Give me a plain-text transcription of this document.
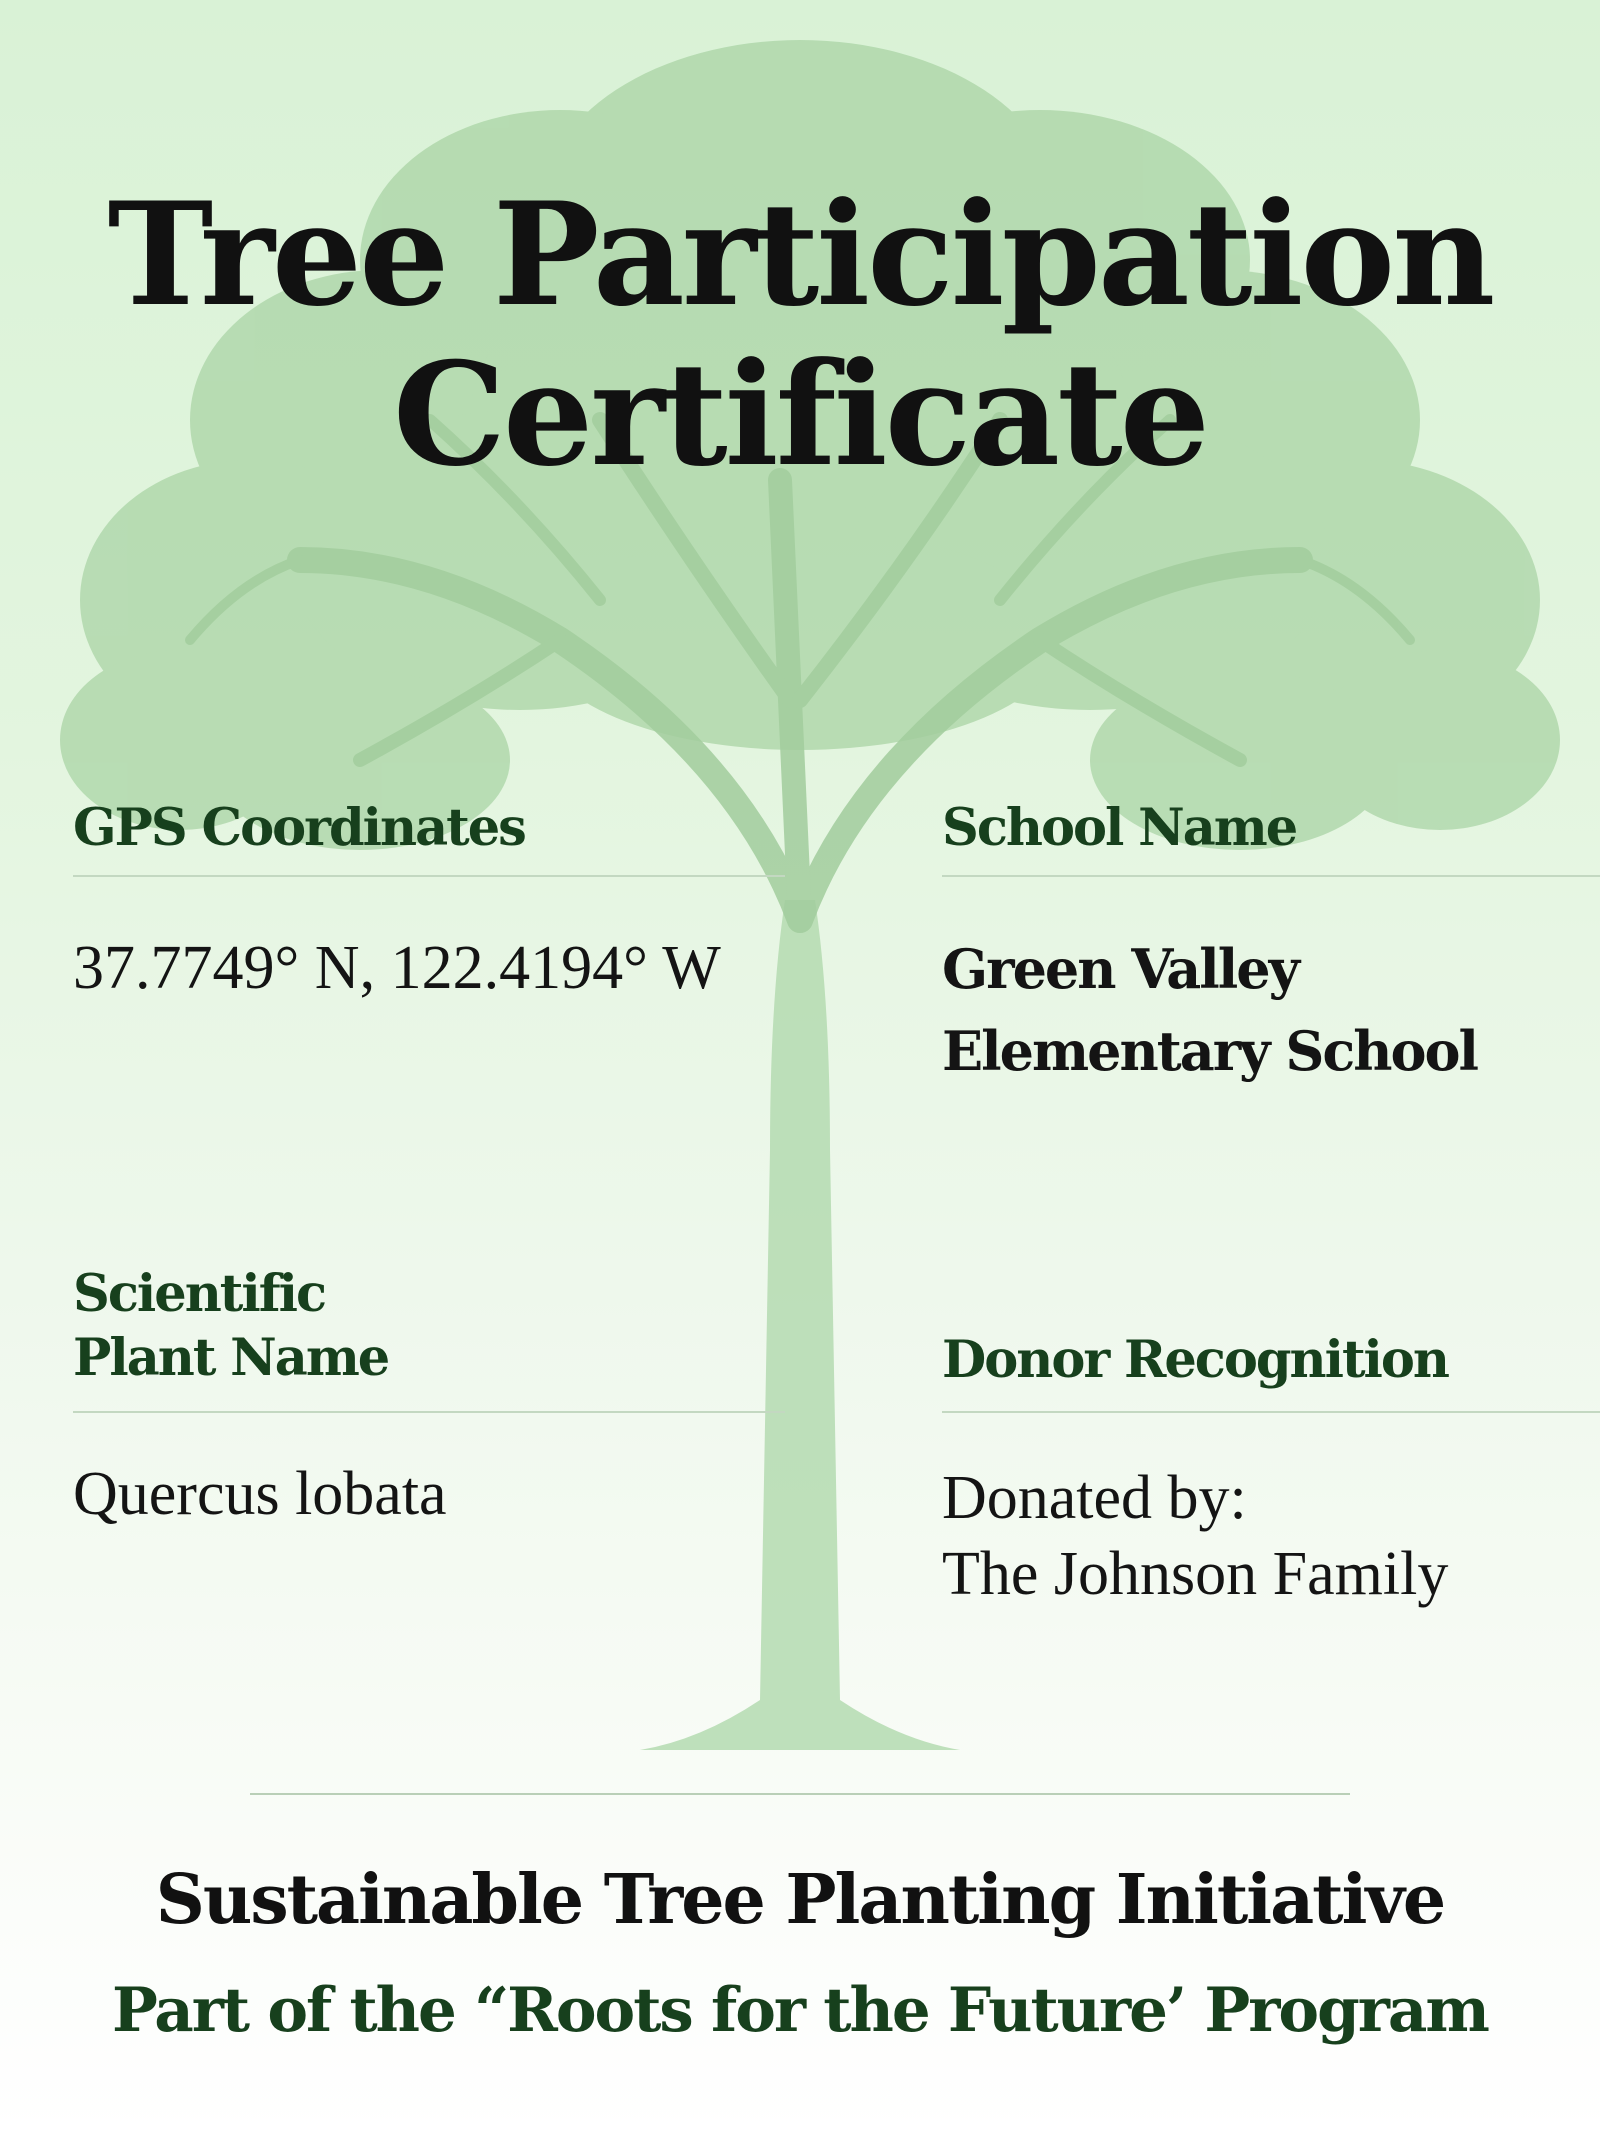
Tree Participation
Certificate
GPS Coordinates
37.7749° N, 122.4194° W
School Name
Green Valley
Elementary School
Scientific
Plant Name
Quercus lobata
Donor Recognition
Donated by:
The Johnson Family
Sustainable Tree Planting Initiative
Part of the “Roots for the Future’ Program
